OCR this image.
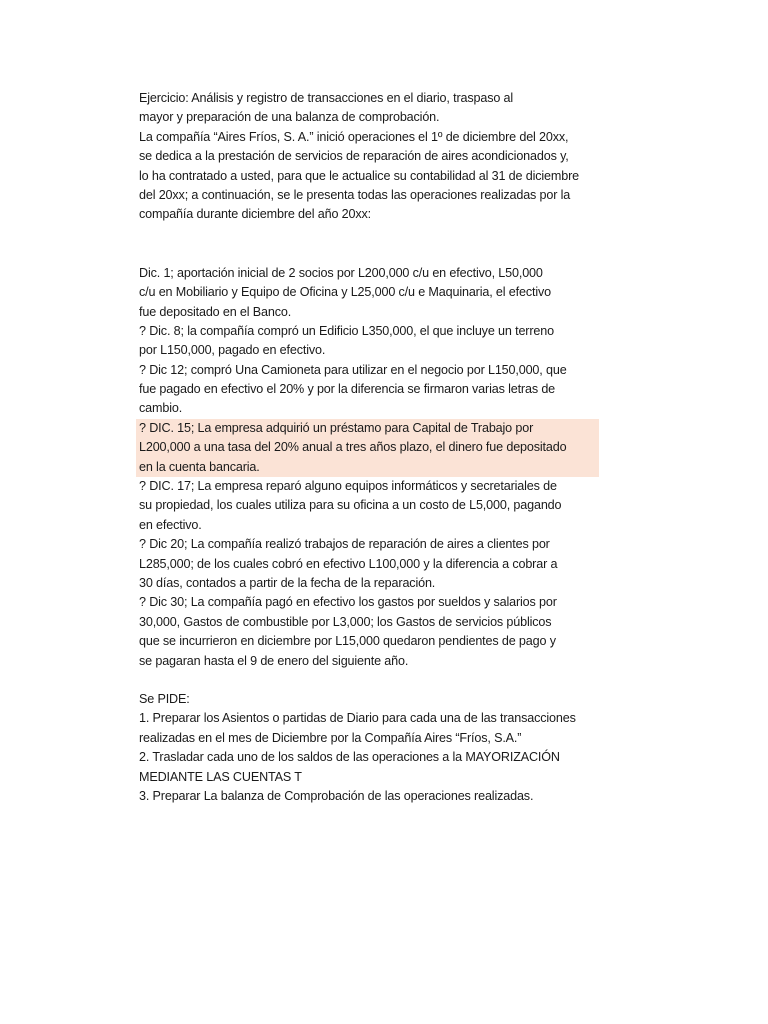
Ejercicio: Análisis y registro de transacciones en el diario, traspaso al
mayor y preparación de una balanza de comprobación.
La compañía “Aires Fríos, S. A.” inició operaciones el 1º de diciembre del 20xx,
se dedica a la prestación de servicios de reparación de aires acondicionados y,
lo ha contratado a usted, para que le actualice su contabilidad al 31 de diciembre
del 20xx; a continuación, se le presenta todas las operaciones realizadas por la
compañía durante diciembre del año 20xx:
Dic. 1; aportación inicial de 2 socios por L200,000 c/u en efectivo, L50,000
c/u en Mobiliario y Equipo de Oficina y L25,000 c/u e Maquinaria, el efectivo
fue depositado en el Banco.
? Dic. 8; la compañía compró un Edificio L350,000, el que incluye un terreno
por L150,000, pagado en efectivo.
? Dic 12; compró Una Camioneta para utilizar en el negocio por L150,000, que
fue pagado en efectivo el 20% y por la diferencia se firmaron varias letras de
cambio.
? DIC. 15; La empresa adquirió un préstamo para Capital de Trabajo por
L200,000 a una tasa del 20% anual a tres años plazo, el dinero fue depositado
en la cuenta bancaria.
? DIC. 17; La empresa reparó alguno equipos informáticos y secretariales de
su propiedad, los cuales utiliza para su oficina a un costo de L5,000, pagando
en efectivo.
? Dic 20; La compañía realizó trabajos de reparación de aires a clientes por
L285,000; de los cuales cobró en efectivo L100,000 y la diferencia a cobrar a
30 días, contados a partir de la fecha de la reparación.
? Dic 30; La compañía pagó en efectivo los gastos por sueldos y salarios por
30,000, Gastos de combustible por L3,000; los Gastos de servicios públicos
que se incurrieron en diciembre por L15,000 quedaron pendientes de pago y
se pagaran hasta el 9 de enero del siguiente año.
Se PIDE:
1. Preparar los Asientos o partidas de Diario para cada una de las transacciones
realizadas en el mes de Diciembre por la Compañía Aires “Fríos, S.A.”
2. Trasladar cada uno de los saldos de las operaciones a la MAYORIZACIÓN
MEDIANTE LAS CUENTAS T
3. Preparar La balanza de Comprobación de las operaciones realizadas.
